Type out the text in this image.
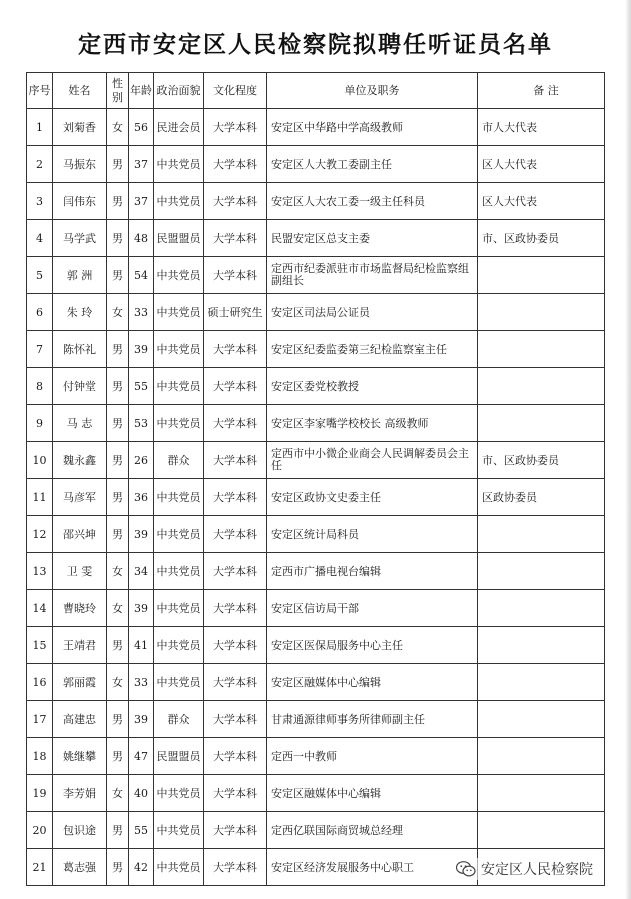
定西市安定区人民检察院拟聘任听证员名单
序号	姓名	性别	年龄	政治面貌	文化程度	单位及职务	备 注
1	刘菊香	女	56	民进会员	大学本科	安定区中华路中学高级教师	市人大代表
2	马振东	男	37	中共党员	大学本科	安定区人大教工委副主任	区人大代表
3	闫伟东	男	37	中共党员	大学本科	安定区人大农工委一级主任科员	区人大代表
4	马学武	男	48	民盟盟员	大学本科	民盟安定区总支主委	市、区政协委员
5	郭 洲	男	54	中共党员	大学本科	定西市纪委派驻市市场监督局纪检监察组副组长	
6	朱 玲	女	33	中共党员	硕士研究生	安定区司法局公证员	
7	陈怀礼	男	39	中共党员	大学本科	安定区纪委监委第三纪检监察室主任	
8	付钟堂	男	55	中共党员	大学本科	安定区委党校教授	
9	马 志	男	53	中共党员	大学本科	安定区李家嘴学校校长 高级教师	
10	魏永鑫	男	26	群众	大学本科	定西市中小微企业商会人民调解委员会主任	市、区政协委员
11	马彦军	男	36	中共党员	大学本科	安定区政协文史委主任	区政协委员
12	邵兴坤	男	39	中共党员	大学本科	安定区统计局科员	
13	卫 雯	女	34	中共党员	大学本科	定西市广播电视台编辑	
14	曹晓玲	女	39	中共党员	大学本科	安定区信访局干部	
15	王靖君	男	41	中共党员	大学本科	安定区医保局服务中心主任	
16	郭丽霞	女	33	中共党员	大学本科	安定区融媒体中心编辑	
17	高建忠	男	39	群众	大学本科	甘肃通源律师事务所律师副主任	
18	姚继攀	男	47	民盟盟员	大学本科	定西一中教师	
19	李芳娟	女	40	中共党员	大学本科	安定区融媒体中心编辑	
20	包识途	男	55	中共党员	大学本科	定西亿联国际商贸城总经理	
21	葛志强	男	42	中共党员	大学本科	安定区经济发展服务中心职工		安定区人民检察院
